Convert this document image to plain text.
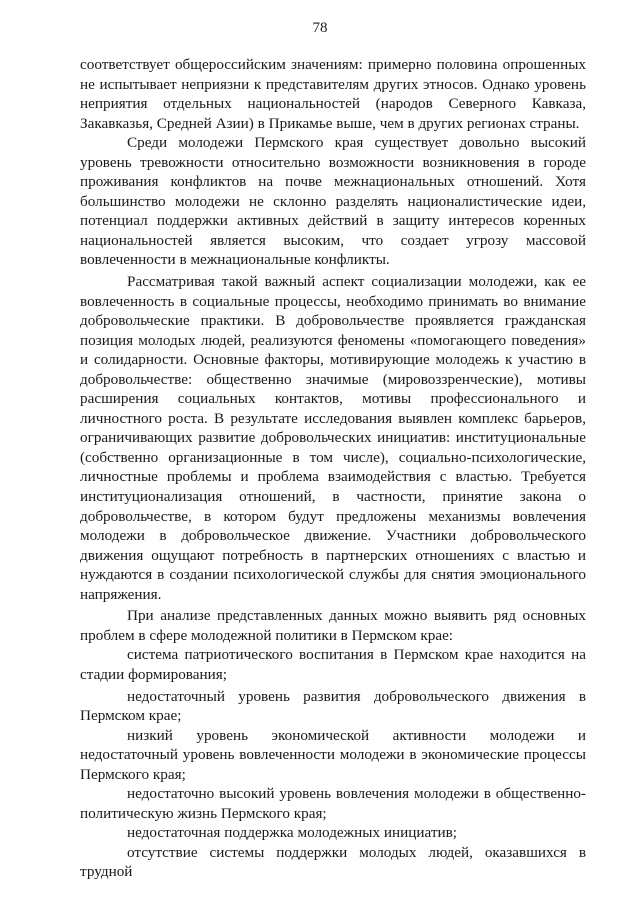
78

соответствует общероссийским значениям: примерно половина опрошенных не испытывает неприязни к представителям других этносов. Однако уровень неприятия отдельных национальностей (народов Северного Кавказа, Закавказья, Средней Азии) в Прикамье выше, чем в других регионах страны.

Среди молодежи Пермского края существует довольно высокий уровень тревожности относительно возможности возникновения в городе проживания конфликтов на почве межнациональных отношений. Хотя большинство молодежи не склонно разделять националистические идеи, потенциал поддержки активных действий в защиту интересов коренных национальностей является высоким, что создает угрозу массовой вовлеченности в межнациональные конфликты.

Рассматривая такой важный аспект социализации молодежи, как ее вовлеченность в социальные процессы, необходимо принимать во внимание добровольческие практики. В добровольчестве проявляется гражданская позиция молодых людей, реализуются феномены «помогающего поведения» и солидарности. Основные факторы, мотивирующие молодежь к участию в добровольчестве: общественно значимые (мировоззренческие), мотивы расширения социальных контактов, мотивы профессионального и личностного роста. В результате исследования выявлен комплекс барьеров, ограничивающих развитие добровольческих инициатив: институциональные (собственно организационные в том числе), социально-психологические, личностные проблемы и проблема взаимодействия с властью. Требуется институционализация отношений, в частности, принятие закона о добровольчестве, в котором будут предложены механизмы вовлечения молодежи в добровольческое движение. Участники добровольческого движения ощущают потребность в партнерских отношениях с властью и нуждаются в создании психологической службы для снятия эмоционального напряжения.

При анализе представленных данных можно выявить ряд основных проблем в сфере молодежной политики в Пермском крае:

система патриотического воспитания в Пермском крае находится на стадии формирования;

недостаточный уровень развития добровольческого движения в Пермском крае;

низкий уровень экономической активности молодежи и недостаточный уровень вовлеченности молодежи в экономические процессы Пермского края;

недостаточно высокий уровень вовлечения молодежи в общественно-политическую жизнь Пермского края;

недостаточная поддержка молодежных инициатив;

отсутствие системы поддержки молодых людей, оказавшихся в трудной
